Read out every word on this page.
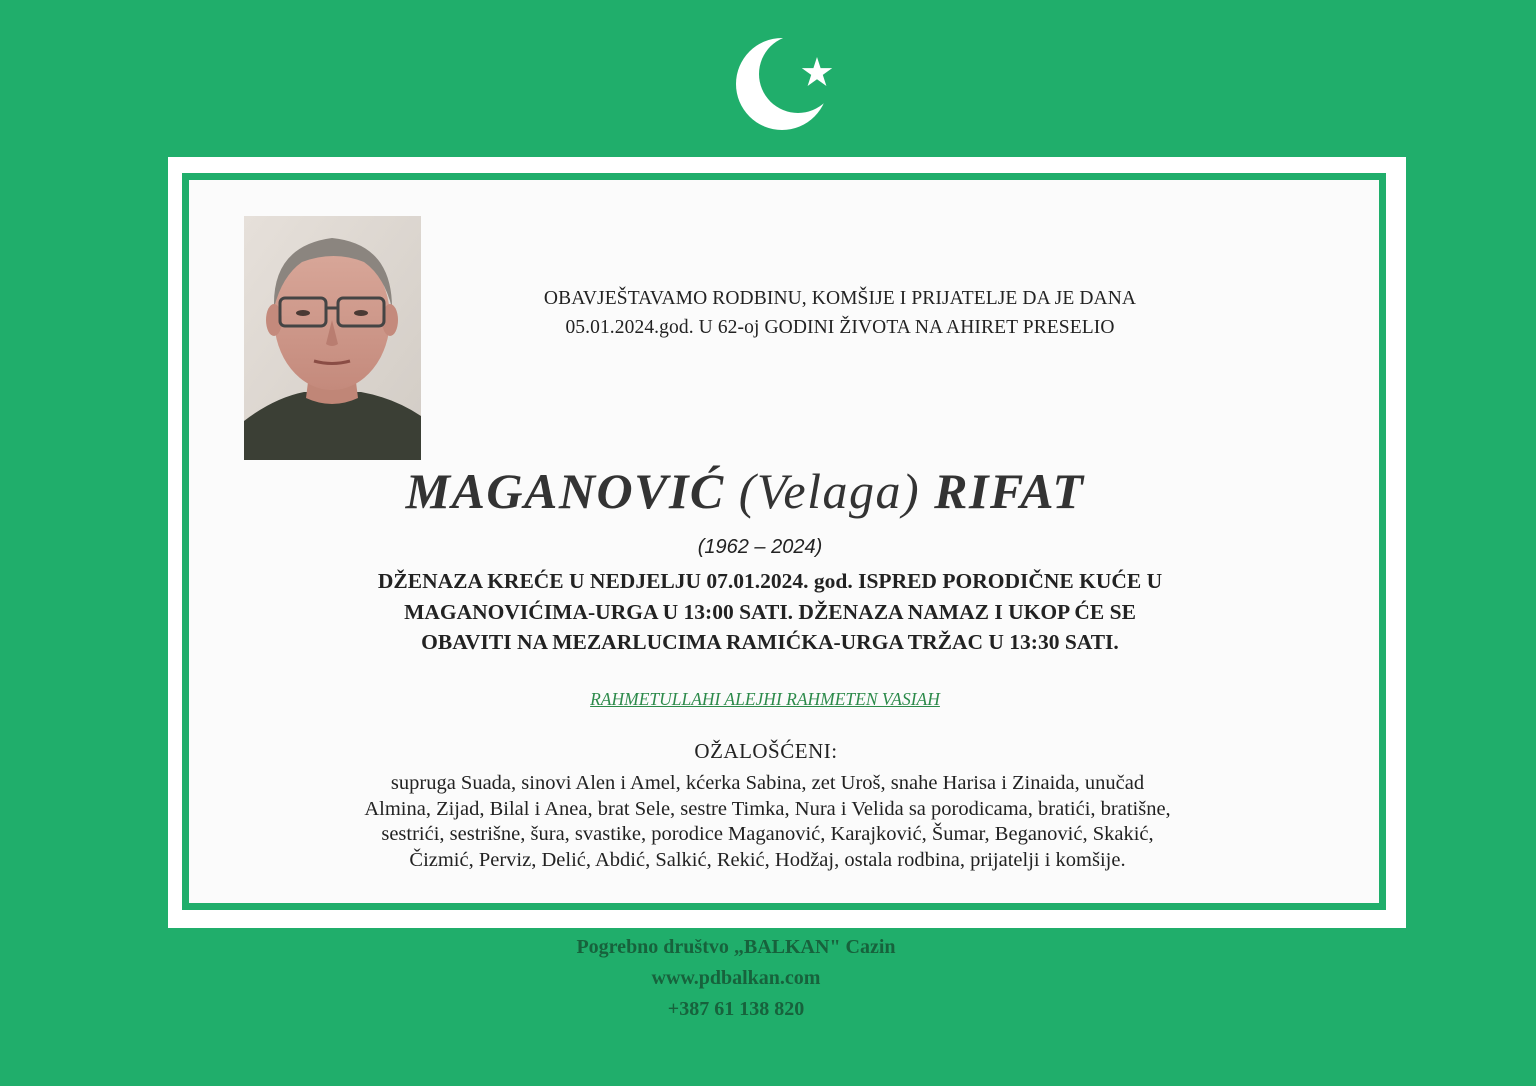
OBAVJEŠTAVAMO RODBINU, KOMŠIJE I PRIJATELJE DA JE DANA
05.01.2024.god. U 62-oj GODINI ŽIVOTA NA AHIRET PRESELIO
MAGANOVIĆ (Velaga) RIFAT
(1962 – 2024)
DŽENAZA KREĆE U NEDJELJU 07.01.2024. god. ISPRED PORODIČNE KUĆE U
MAGANOVIĆIMA-URGA U 13:00 SATI. DŽENAZA NAMAZ I UKOP ĆE SE
OBAVITI NA MEZARLUCIMA RAMIĆKA-URGA TRŽAC U 13:30 SATI.
RAHMETULLAHI ALEJHI RAHMETEN VASIAH
OŽALOŠĆENI:
supruga Suada, sinovi Alen i Amel, kćerka Sabina, zet Uroš, snahe Harisa i Zinaida, unučad
Almina, Zijad, Bilal i Anea, brat Sele, sestre Timka, Nura i Velida sa porodicama, bratići, bratišne,
sestrići, sestrišne, šura, svastike, porodice Maganović, Karajković, Šumar, Beganović, Skakić,
Čizmić, Perviz, Delić, Abdić, Salkić, Rekić, Hodžaj, ostala rodbina, prijatelji i komšije.
Pogrebno društvo „BALKAN" Cazin
www.pdbalkan.com
+387 61 138 820
